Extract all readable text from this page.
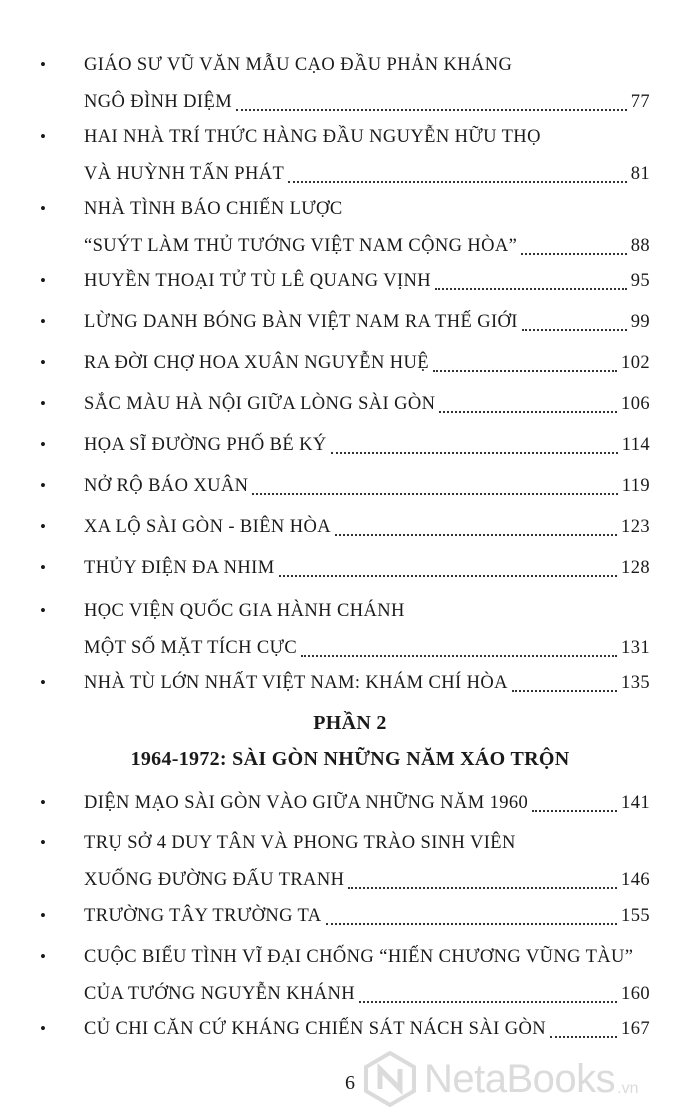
• GIÁO SƯ VŨ VĂN MẪU CẠO ĐẦU PHẢN KHÁNG
NGÔ ĐÌNH DIỆM	77
• HAI NHÀ TRÍ THỨC HÀNG ĐẦU NGUYỄN HỮU THỌ
VÀ HUỲNH TẤN PHÁT	81
• NHÀ TÌNH BÁO CHIẾN LƯỢC
“SUÝT LÀM THỦ TƯỚNG VIỆT NAM CỘNG HÒA”	88
• HUYỀN THOẠI TỬ TÙ LÊ QUANG VỊNH	95
• LỪNG DANH BÓNG BÀN VIỆT NAM RA THẾ GIỚI	99
• RA ĐỜI CHỢ HOA XUÂN NGUYỄN HUỆ	102
• SẮC MÀU HÀ NỘI GIỮA LÒNG SÀI GÒN	106
• HỌA SĨ ĐƯỜNG PHỐ BÉ KÝ	114
• NỞ RỘ BÁO XUÂN	119
• XA LỘ SÀI GÒN - BIÊN HÒA	123
• THỦY ĐIỆN ĐA NHIM	128
• HỌC VIỆN QUỐC GIA HÀNH CHÁNH
MỘT SỐ MẶT TÍCH CỰC	131
• NHÀ TÙ LỚN NHẤT VIỆT NAM: KHÁM CHÍ HÒA	135
• DIỆN MẠO SÀI GÒN VÀO GIỮA NHỮNG NĂM 1960	141
• TRỤ SỞ 4 DUY TÂN VÀ PHONG TRÀO SINH VIÊN
XUỐNG ĐƯỜNG ĐẤU TRANH	146
• TRƯỜNG TÂY TRƯỜNG TA	155
• CUỘC BIỂU TÌNH VĨ ĐẠI CHỐNG “HIẾN CHƯƠNG VŨNG TÀU”
CỦA TƯỚNG NGUYỄN KHÁNH	160
• CỦ CHI CĂN CỨ KHÁNG CHIẾN SÁT NÁCH SÀI GÒN	167
PHẦN 2
1964-1972: SÀI GÒN NHỮNG NĂM XÁO TRỘN
6	NetaBooks .vn
